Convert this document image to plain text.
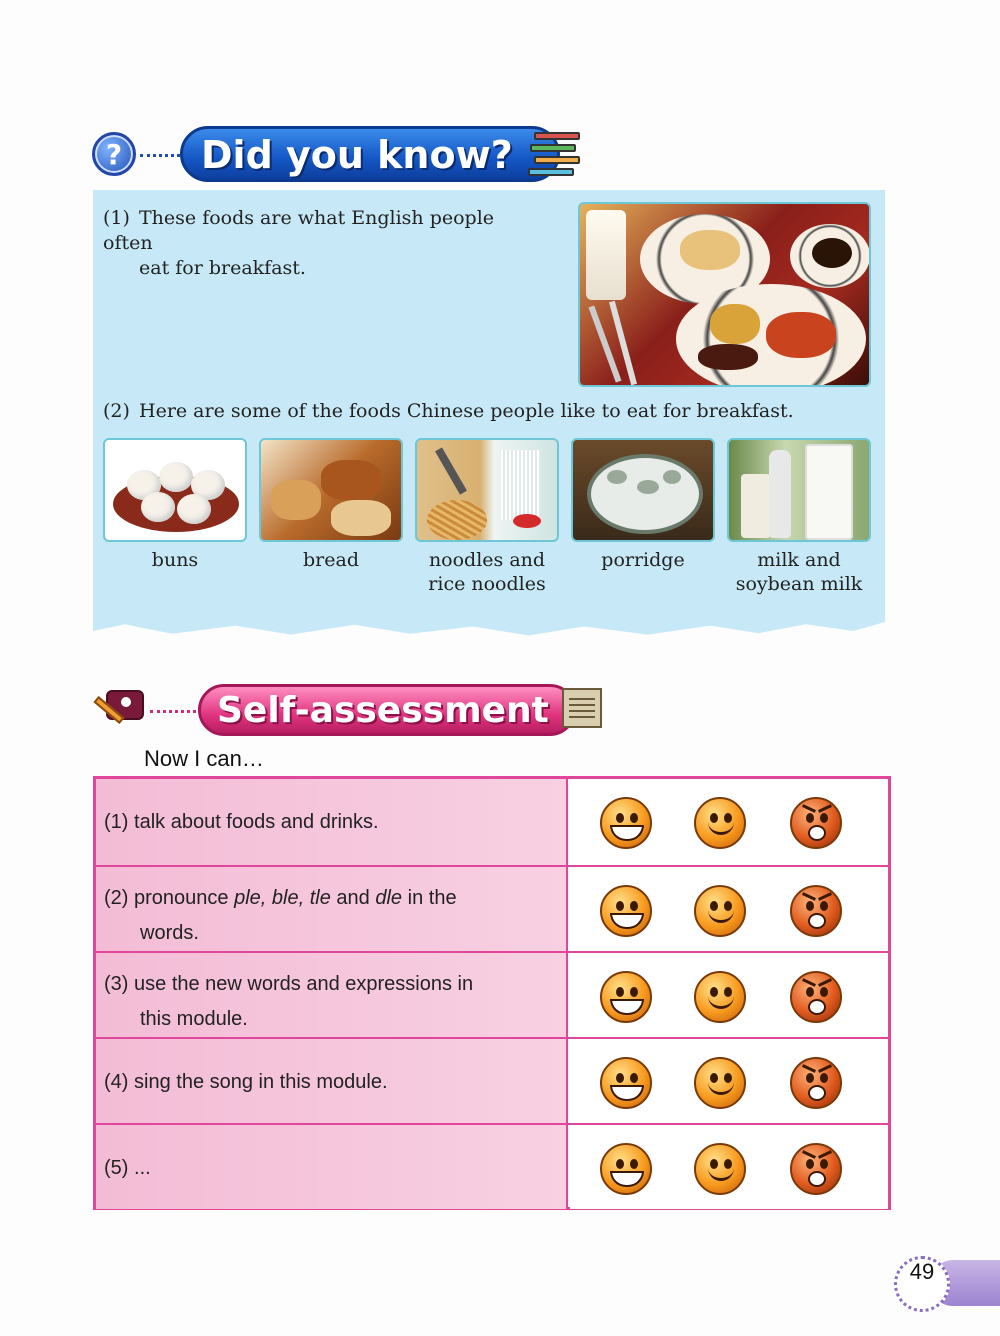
? Did you know?
(1) These foods are what English people often
eat for breakfast.
(2) Here are some of the foods Chinese people like to eat for breakfast.
buns	bread	noodles and
rice noodles
porridge	milk and
soybean milk
Self-assessment
Now I can…
(1) talk about foods and drinks.
(2) pronounce ple, ble, tle and dle in the
words.
(3) use the new words and expressions in
this module.
(4) sing the song in this module.
(5) ...
49
